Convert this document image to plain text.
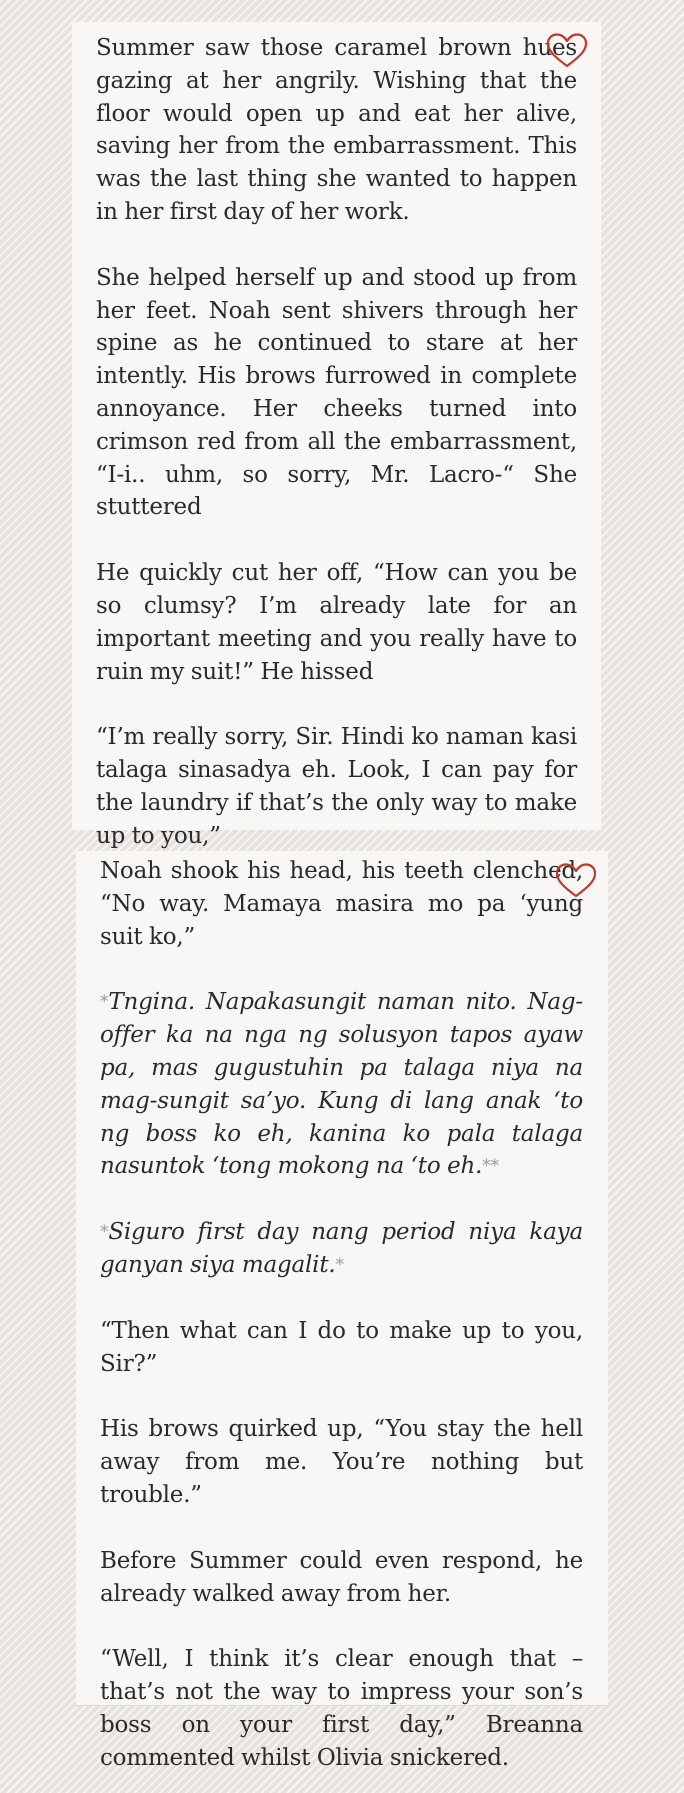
Summer saw those caramel brown hues gazing at her angrily. Wishing that the floor would open up and eat her alive, saving her from the embarrassment. This was the last thing she wanted to happen in her first day of her work.

She helped herself up and stood up from her feet. Noah sent shivers through her spine as he continued to stare at her intently. His brows furrowed in complete annoyance. Her cheeks turned into crimson red from all the embarrassment, “I-i.. uhm, so sorry, Mr. Lacro-“ She stuttered

He quickly cut her off, “How can you be so clumsy? I’m already late for an important meeting and you really have to ruin my suit!” He hissed

“I’m really sorry, Sir. Hindi ko naman kasi talaga sinasadya eh. Look, I can pay for the laundry if that’s the only way to make up to you,”

Noah shook his head, his teeth clenched, “No way. Mamaya masira mo pa ‘yung suit ko,”

*Tngina. Napakasungit naman nito. Nag-offer ka na nga ng solusyon tapos ayaw pa, mas gugustuhin pa talaga niya na mag-sungit sa’yo. Kung di lang anak ‘to ng boss ko eh, kanina ko pala talaga nasuntok ‘tong mokong na ‘to eh.**

*Siguro first day nang period niya kaya ganyan siya magalit.*

“Then what can I do to make up to you, Sir?”

His brows quirked up, “You stay the hell away from me. You’re nothing but trouble.”

Before Summer could even respond, he already walked away from her.

“Well, I think it’s clear enough that – that’s not the way to impress your son’s boss on your first day,” Breanna commented whilst Olivia snickered.
